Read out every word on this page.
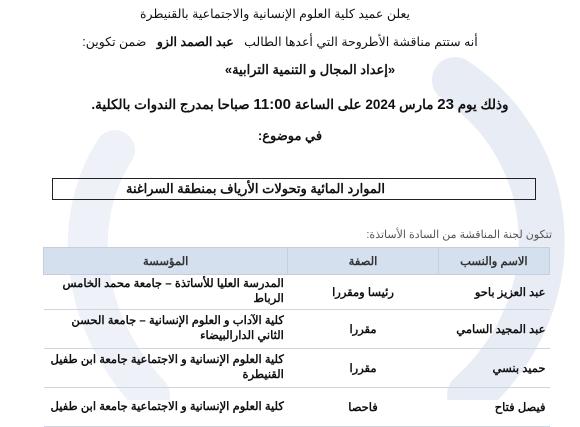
يعلن عميد كلية العلوم الإنسانية والاجتماعية بالقنيطرة
أنه ستتم مناقشة الأطروحة التي أعدها الطالب   عبد الصمد الزو   ضمن تكوين:
«إعداد المجال و التنمية الترابية»
وذلك يوم 23 مارس 2024 على الساعة 11:00 صباحا بمدرج الندوات بالكلية.
في موضوع:
الموارد المائية وتحولات الأرياف بمنطقة السراغنة
تتكون لجنة المناقشة من السادة الأساتذة:
الاسم والنسب	الصفة	المؤسسة
عبد العزيز باحو	رئيسا ومقررا	المدرسة العليا للأساتذة – جامعة محمد الخامس الرباط
عبد المجيد السامي	مقررا	كلية الآداب و العلوم الإنسانية – جامعة الحسن الثاني الدارالبيضاء
حميد بنسي	مقررا	كلية العلوم الإنسانية و الاجتماعية جامعة ابن طفيل القنيطرة
فيصل فتاح	فاحصا	كلية العلوم الإنسانية و الاجتماعية جامعة ابن طفيل
